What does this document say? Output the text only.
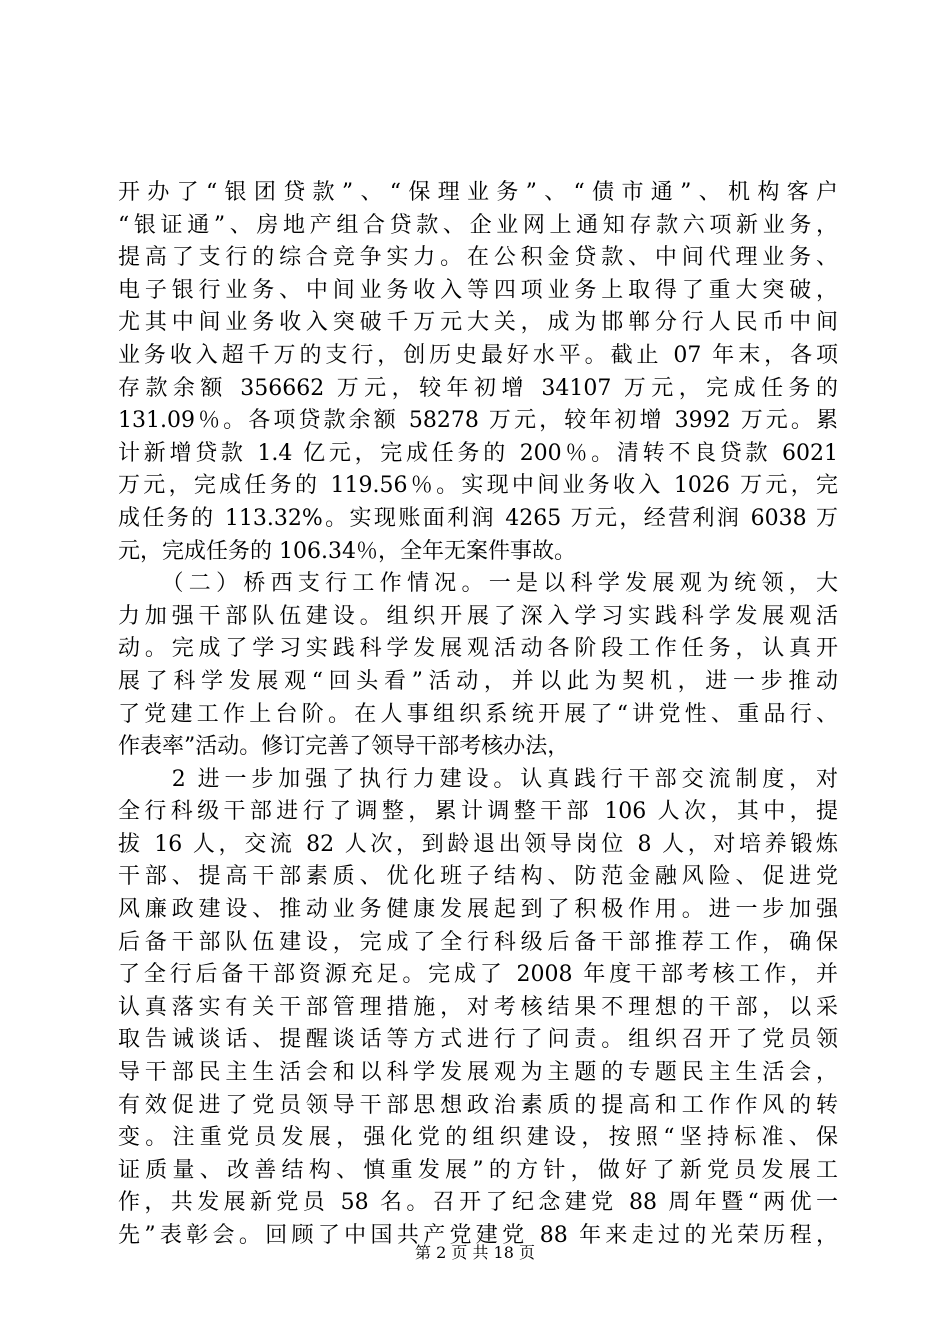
开办了“银团贷款”、“保理业务”、“债市通”、机构客户
“银证通”、房地产组合贷款、企业网上通知存款六项新业务，
提高了支行的综合竞争实力。在公积金贷款、中间代理业务、
电子银行业务、中间业务收入等四项业务上取得了重大突破，
尤其中间业务收入突破千万元大关，成为邯郸分行人民币中间
业务收入超千万的支行，创历史最好水平。截止 07 年末，各项
存款余额 356662 万元，较年初增 34107 万元，完成任务的
131.09％。各项贷款余额 58278 万元，较年初增 3992 万元。累
计新增贷款 1.4 亿元，完成任务的 200％。清转不良贷款 6021
万元，完成任务的 119.56％。实现中间业务收入 1026 万元，完
成任务的 113.32%。实现账面利润 4265 万元，经营利润 6038 万
元，完成任务的 106.34％，全年无案件事故。
　　（二）桥西支行工作情况。一是以科学发展观为统领，大
力加强干部队伍建设。组织开展了深入学习实践科学发展观活
动。完成了学习实践科学发展观活动各阶段工作任务，认真开
展了科学发展观“回头看”活动，并以此为契机，进一步推动
了党建工作上台阶。在人事组织系统开展了“讲党性、重品行、
作表率”活动。修订完善了领导干部考核办法，
　　2 进一步加强了执行力建设。认真践行干部交流制度，对
全行科级干部进行了调整，累计调整干部 106 人次，其中，提
拔 16 人，交流 82 人次，到龄退出领导岗位 8 人，对培养锻炼
干部、提高干部素质、优化班子结构、防范金融风险、促进党
风廉政建设、推动业务健康发展起到了积极作用。进一步加强
后备干部队伍建设，完成了全行科级后备干部推荐工作，确保
了全行后备干部资源充足。完成了 2008 年度干部考核工作，并
认真落实有关干部管理措施，对考核结果不理想的干部，以采
取告诫谈话、提醒谈话等方式进行了问责。组织召开了党员领
导干部民主生活会和以科学发展观为主题的专题民主生活会，
有效促进了党员领导干部思想政治素质的提高和工作作风的转
变。注重党员发展，强化党的组织建设，按照“坚持标准、保
证质量、改善结构、慎重发展”的方针，做好了新党员发展工
作，共发展新党员 58 名。召开了纪念建党 88 周年暨“两优一
先”表彰会。回顾了中国共产党建党 88 年来走过的光荣历程，
第 2 页 共 18 页
